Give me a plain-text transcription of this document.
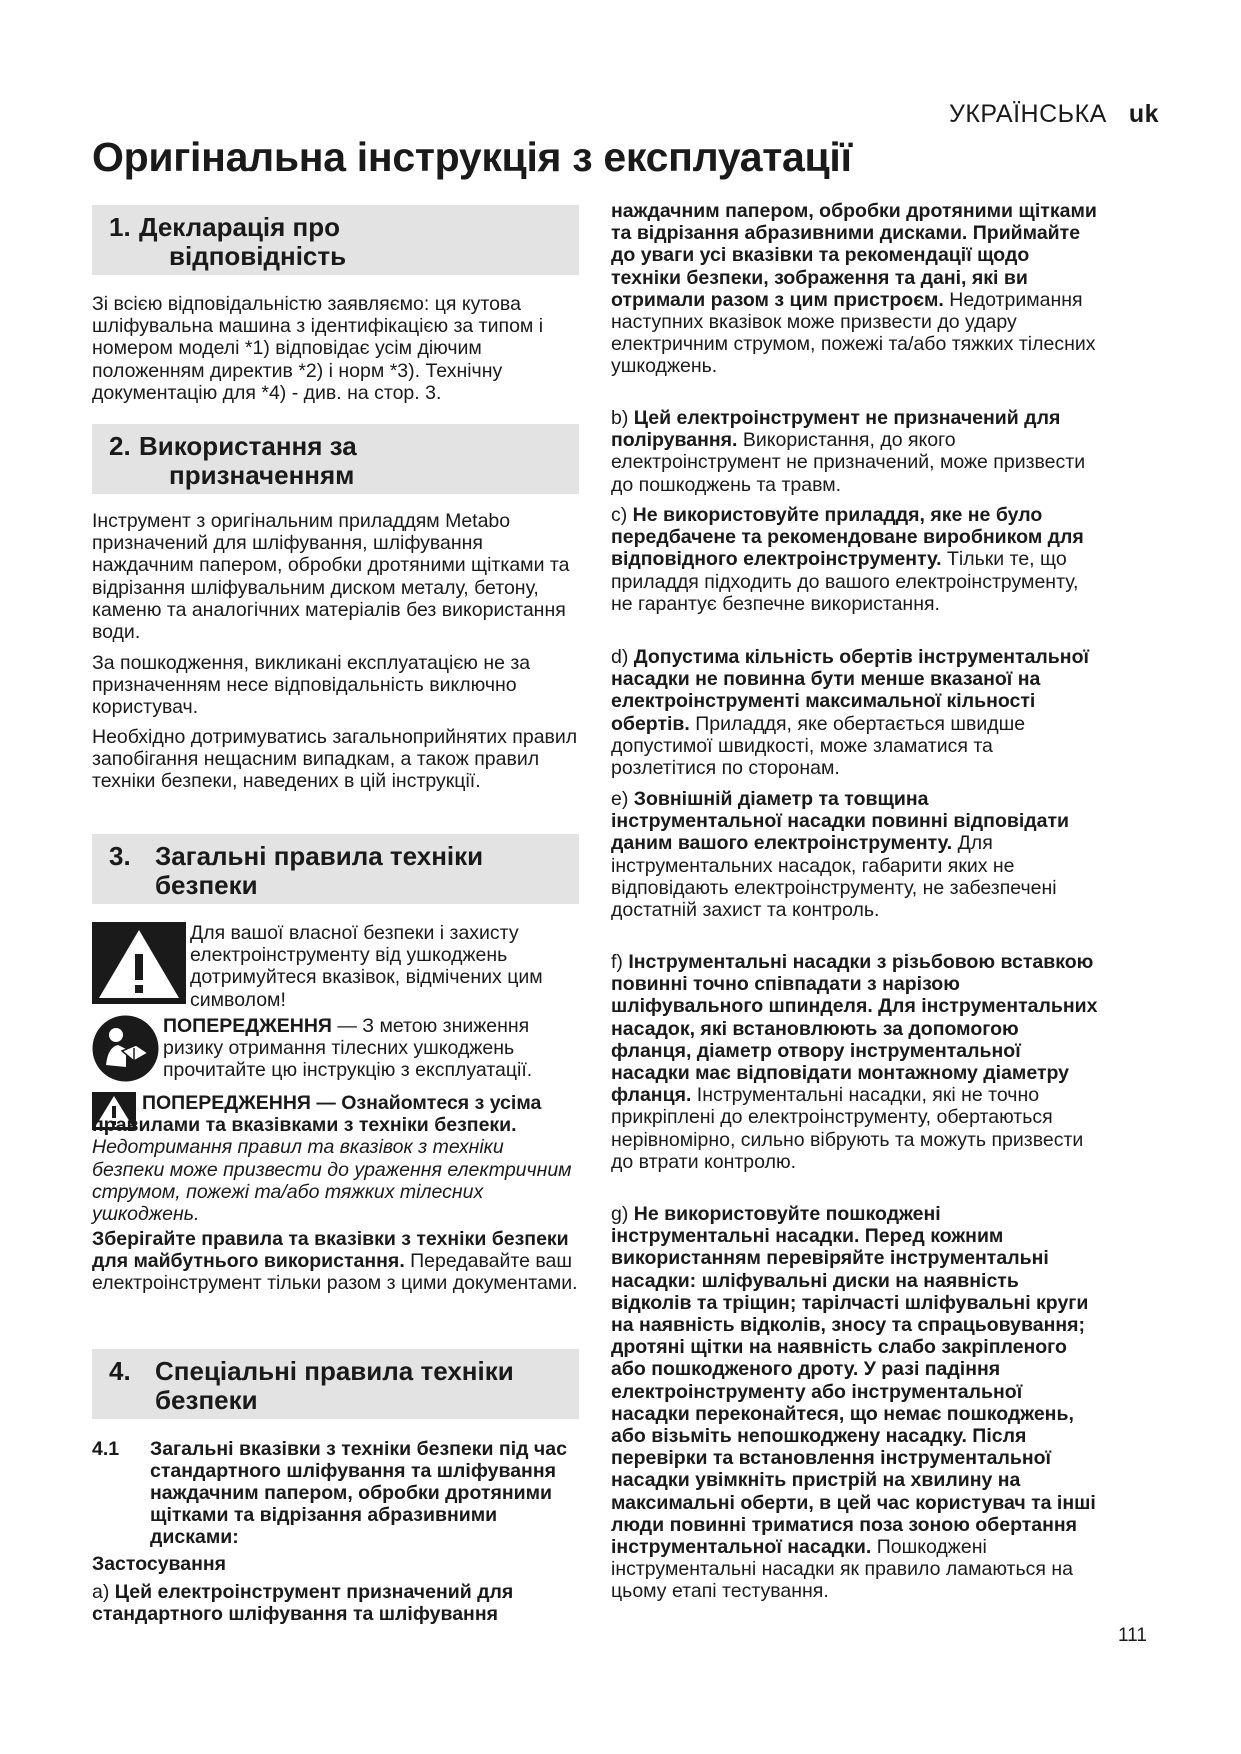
УКРАЇНСЬКА uk
Оригінальна інструкція з експлуатації
1. Декларація про
відповідність

Зі всією відповідальністю заявляємо: ця кутова шліфувальна машина з ідентифікацією за типом і номером моделі *1) відповідає усім діючим положенням директив *2) і норм *3). Технічну документацію для *4) - див. на стор. 3.

2. Використання за
призначенням

Інструмент з оригінальним приладдям Metabo призначений для шліфування, шліфування наждачним папером, обробки дротяними щітками та відрізання шліфувальним диском металу, бетону, каменю та аналогічних матеріалів без використання води.

За пошкодження, викликані експлуатацією не за призначенням несе відповідальність виключно користувач.

Необхідно дотримуватись загальноприйнятих правил запобігання нещасним випадкам, а також правил техніки безпеки, наведених в цій інструкції.

3. Загальні правила техніки
безпеки

Для вашої власної безпеки і захисту електроінструменту від ушкоджень дотримуйтеся вказівок, відмічених цим символом!

ПОПЕРЕДЖЕННЯ — З метою зниження ризику отримання тілесних ушкоджень прочитайте цю інструкцію з експлуатації.

ПОПЕРЕДЖЕННЯ — Ознайомтеся з усіма правилами та вказівками з техніки безпеки. Недотримання правил та вказівок з техніки безпеки може призвести до ураження електричним струмом, пожежі та/або тяжких тілесних ушкоджень.

Зберігайте правила та вказівки з техніки безпеки для майбутнього використання. Передавайте ваш електроінструмент тільки разом з цими документами.

4. Спеціальні правила техніки
безпеки
4.1 Загальні вказівки з техніки безпеки під час стандартного шліфування та шліфування наждачним папером, обробки дротяними щітками та відрізання абразивними дисками:

Застосування

a) Цей електроінструмент призначений для стандартного шліфування та шліфування

наждачним папером, обробки дротяними щітками та відрізання абразивними дисками. Приймайте до уваги усі вказівки та рекомендації щодо техніки безпеки, зображення та дані, які ви отримали разом з цим пристроєм. Недотримання наступних вказівок може призвести до удару електричним струмом, пожежі та/або тяжких тілесних ушкоджень.

b) Цей електроінструмент не призначений для полірування. Використання, до якого електроінструмент не призначений, може призвести до пошкоджень та травм.

c) Не використовуйте приладдя, яке не було передбачене та рекомендоване виробником для відповідного електроінструменту. Тільки те, що приладдя підходить до вашого електроінструменту, не гарантує безпечне використання.

d) Допустима кільність обертів інструментальної насадки не повинна бути менше вказаної на електроінструменті максимальної кільності обертів. Приладдя, яке обертається швидше допустимої швидкості, може зламатися та розлетітися по сторонам.

e) Зовнішній діаметр та товщина інструментальної насадки повинні відповідати даним вашого електроінструменту. Для інструментальних насадок, габарити яких не відповідають електроінструменту, не забезпечені достатній захист та контроль.

f) Інструментальні насадки з різьбовою вставкою повинні точно співпадати з нарізою шліфувального шпинделя. Для інструментальних насадок, які встановлюють за допомогою фланця, діаметр отвору інструментальної насадки має відповідати монтажному діаметру фланця. Інструментальні насадки, які не точно прикріплені до електроінструменту, обертаються нерівномірно, сильно вібрують та можуть призвести до втрати контролю.

g) Не використовуйте пошкоджені інструментальні насадки. Перед кожним використанням перевіряйте інструментальні насадки: шліфувальні диски на наявність відколів та тріщин; тарілчасті шліфувальні круги на наявність відколів, зносу та спрацьовування; дротяні щітки на наявність слабо закріпленого або пошкодженого дроту. У разі падіння електроінструменту або інструментальної насадки переконайтеся, що немає пошкоджень, або візьміть непошкоджену насадку. Після перевірки та встановлення інструментальної насадки увімкніть пристрій на хвилину на максимальні оберти, в цей час користувач та інші люди повинні триматися поза зоною обертання інструментальної насадки. Пошкоджені інструментальні насадки як правило ламаються на цьому етапі тестування.

111
